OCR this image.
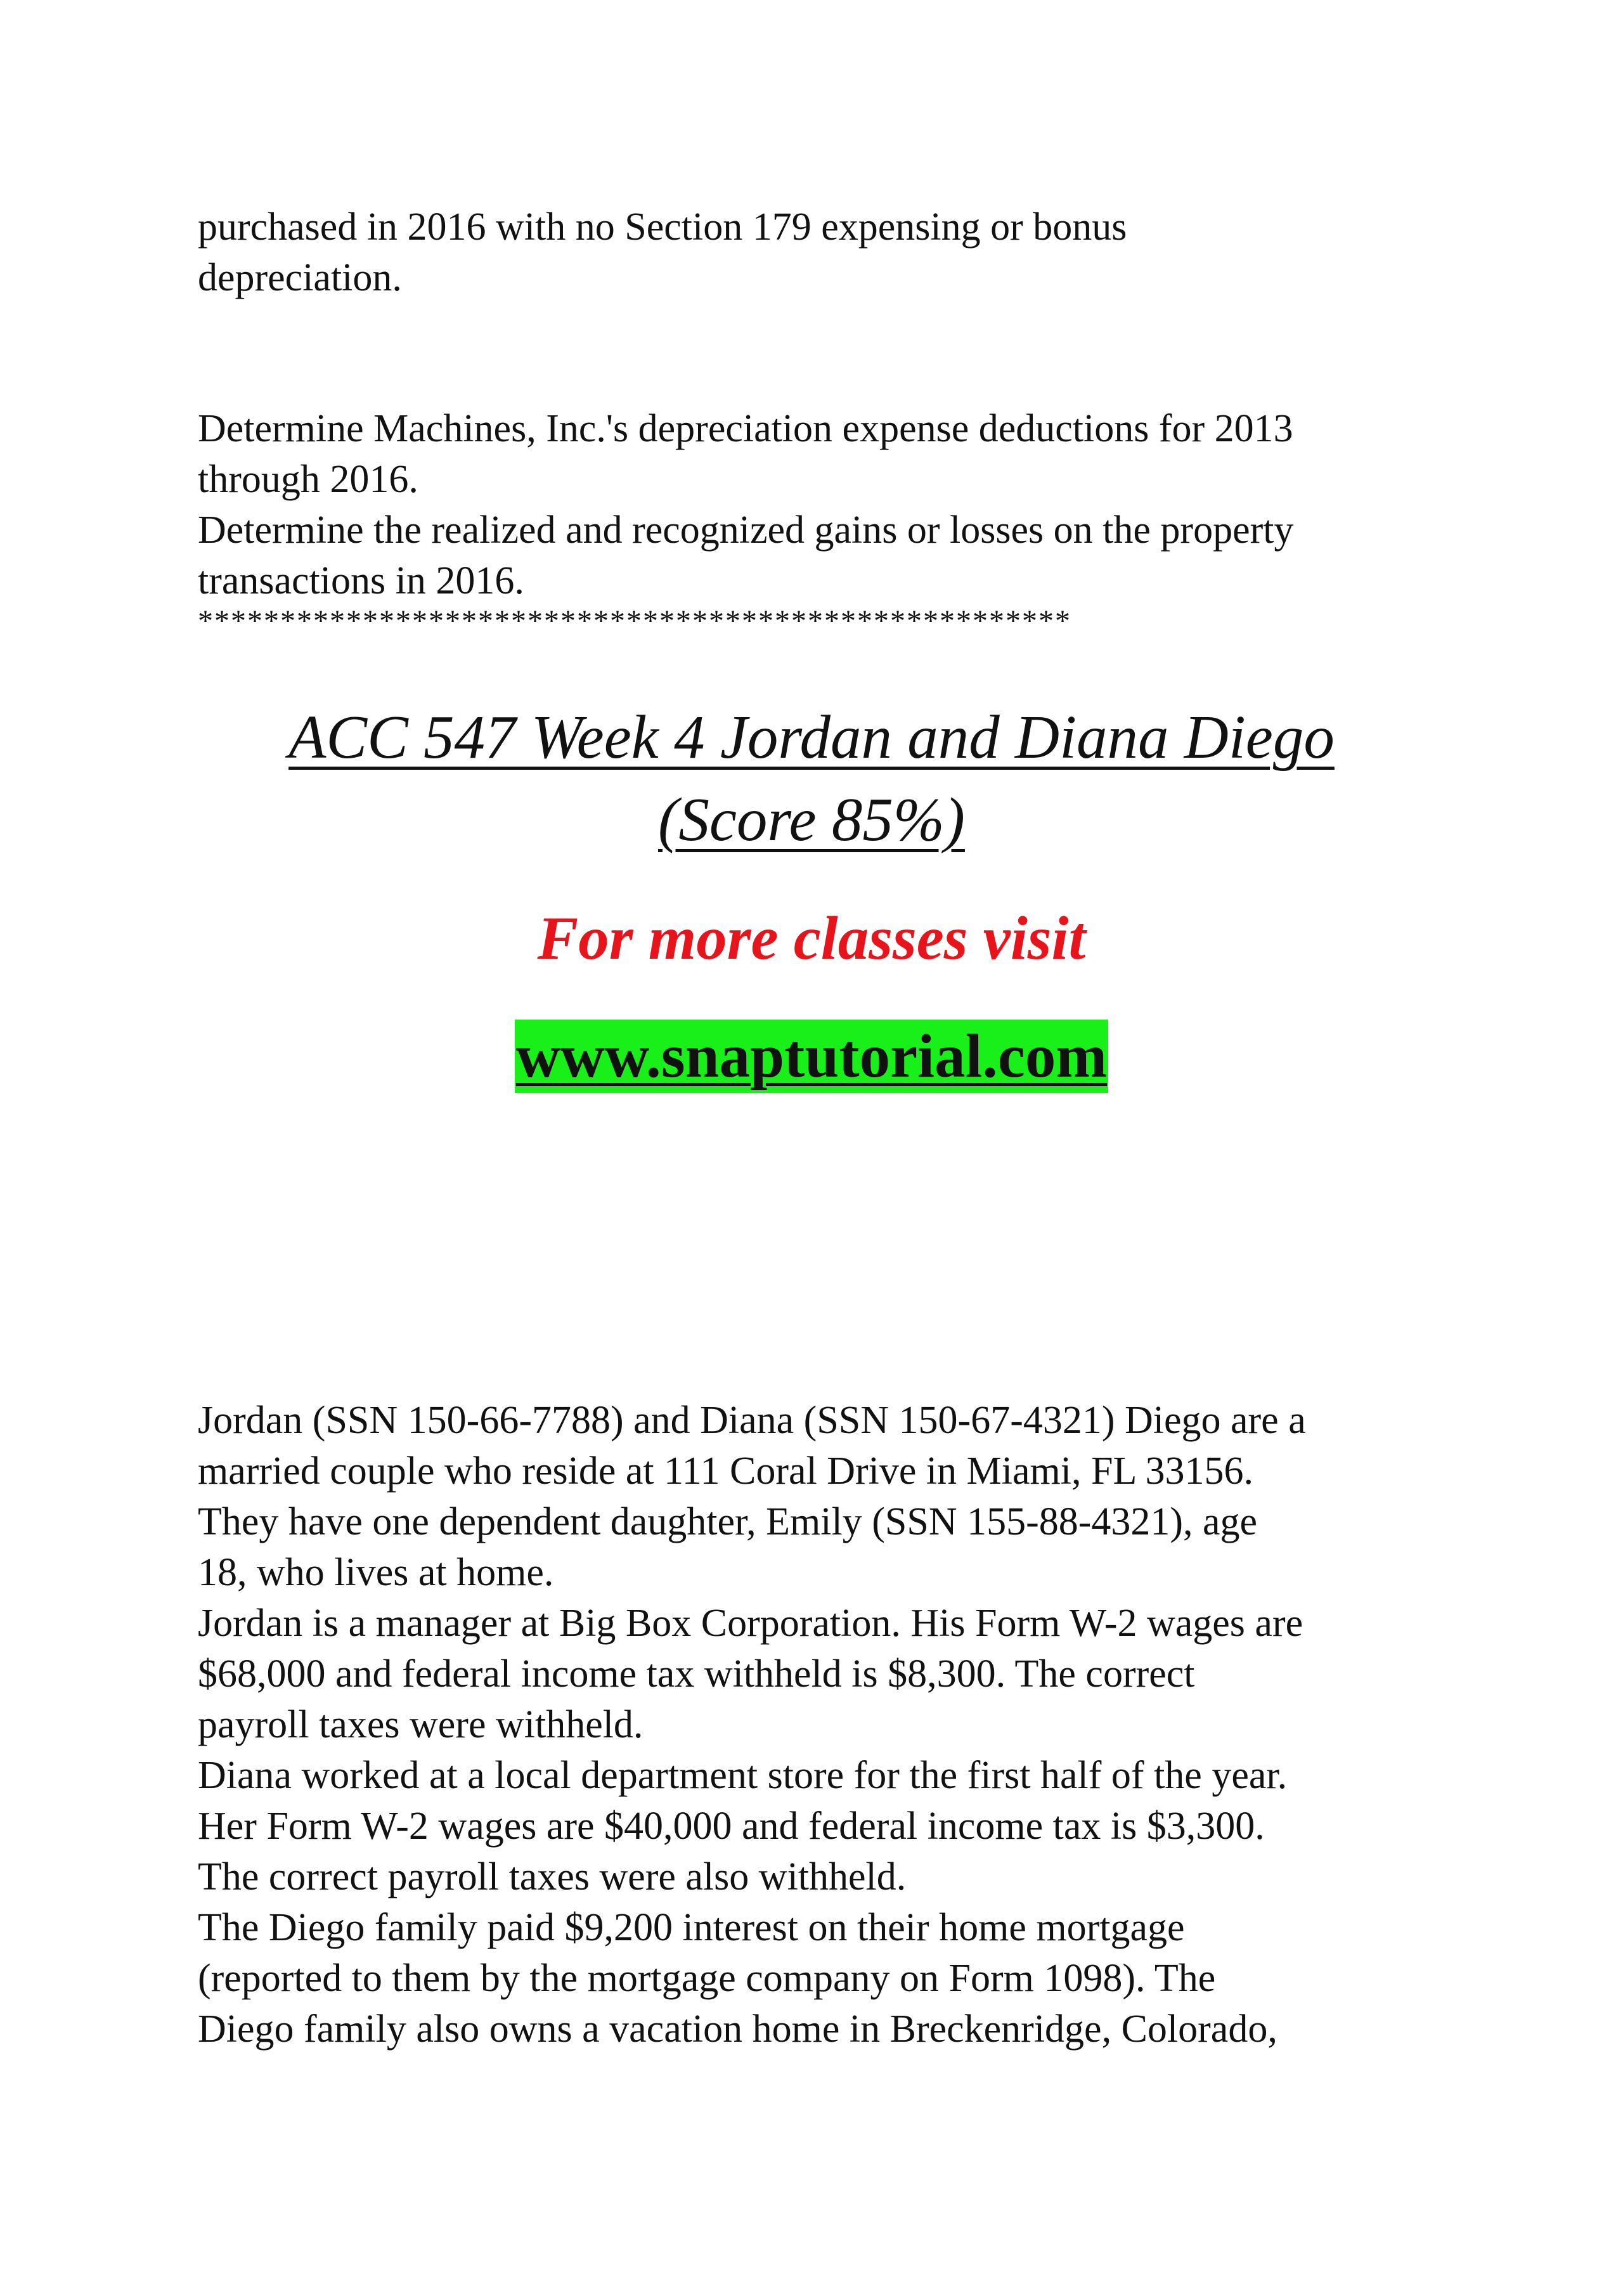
purchased in 2016 with no Section 179 expensing or bonus
depreciation.
Determine Machines, Inc.'s depreciation expense deductions for 2013
through 2016.
Determine the realized and recognized gains or losses on the property
transactions in 2016.
*****************************************************
ACC 547 Week 4 Jordan and Diana Diego
(Score 85%)
For more classes visit
www.snaptutorial.com
Jordan (SSN 150-66-7788) and Diana (SSN 150-67-4321) Diego are a
married couple who reside at 111 Coral Drive in Miami, FL 33156.
They have one dependent daughter, Emily (SSN 155-88-4321), age
18, who lives at home.
Jordan is a manager at Big Box Corporation. His Form W-2 wages are
$68,000 and federal income tax withheld is $8,300. The correct
payroll taxes were withheld.
Diana worked at a local department store for the first half of the year.
Her Form W-2 wages are $40,000 and federal income tax is $3,300.
The correct payroll taxes were also withheld.
The Diego family paid $9,200 interest on their home mortgage
(reported to them by the mortgage company on Form 1098). The
Diego family also owns a vacation home in Breckenridge, Colorado,
